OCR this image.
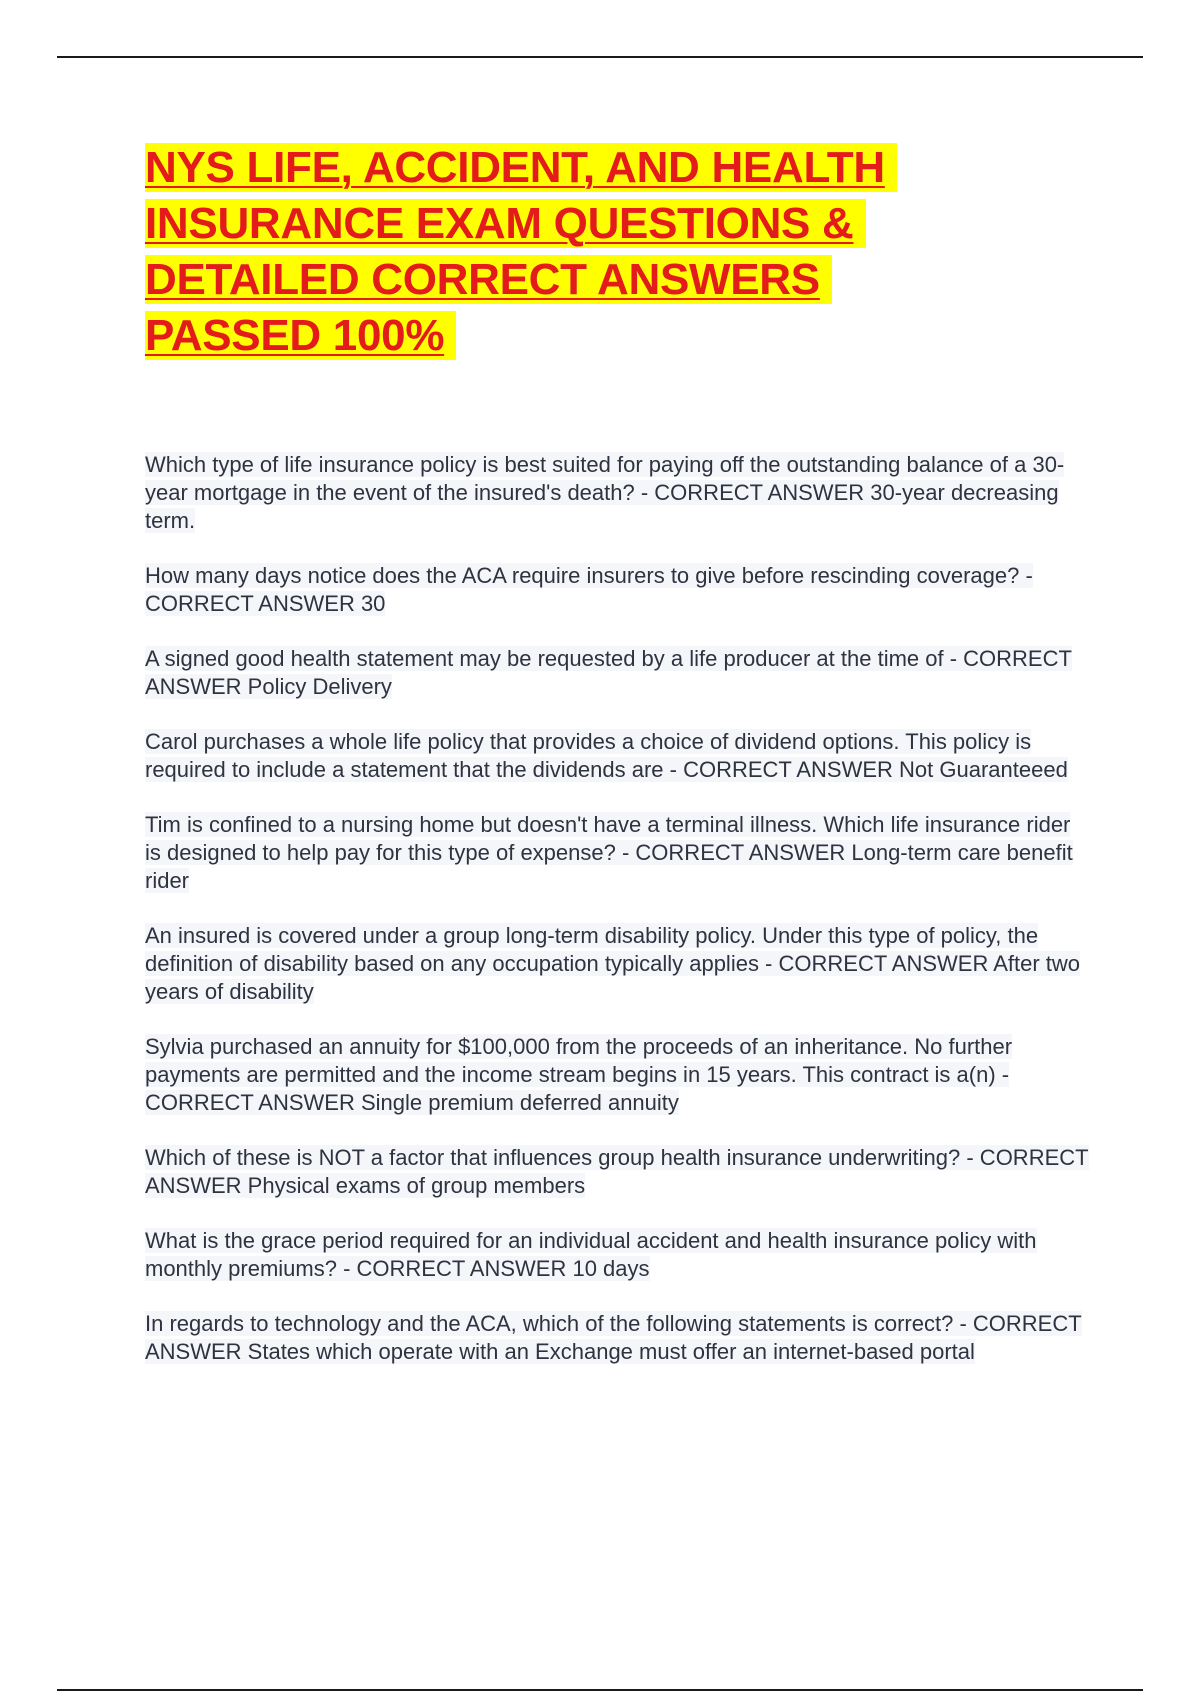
NYS LIFE, ACCIDENT, AND HEALTH
INSURANCE EXAM QUESTIONS &
DETAILED CORRECT ANSWERS
PASSED 100%

Which type of life insurance policy is best suited for paying off the outstanding balance of a 30-year mortgage in the event of the insured's death? - CORRECT ANSWER 30-year decreasing term.

How many days notice does the ACA require insurers to give before rescinding coverage? - CORRECT ANSWER 30

A signed good health statement may be requested by a life producer at the time of - CORRECT ANSWER Policy Delivery

Carol purchases a whole life policy that provides a choice of dividend options. This policy is required to include a statement that the dividends are - CORRECT ANSWER Not Guaranteeed

Tim is confined to a nursing home but doesn't have a terminal illness. Which life insurance rider is designed to help pay for this type of expense? - CORRECT ANSWER Long-term care benefit rider

An insured is covered under a group long-term disability policy. Under this type of policy, the definition of disability based on any occupation typically applies - CORRECT ANSWER After two years of disability

Sylvia purchased an annuity for $100,000 from the proceeds of an inheritance. No further payments are permitted and the income stream begins in 15 years. This contract is a(n) - CORRECT ANSWER Single premium deferred annuity

Which of these is NOT a factor that influences group health insurance underwriting? - CORRECT ANSWER Physical exams of group members

What is the grace period required for an individual accident and health insurance policy with monthly premiums? - CORRECT ANSWER 10 days

In regards to technology and the ACA, which of the following statements is correct? - CORRECT ANSWER States which operate with an Exchange must offer an internet-based portal
